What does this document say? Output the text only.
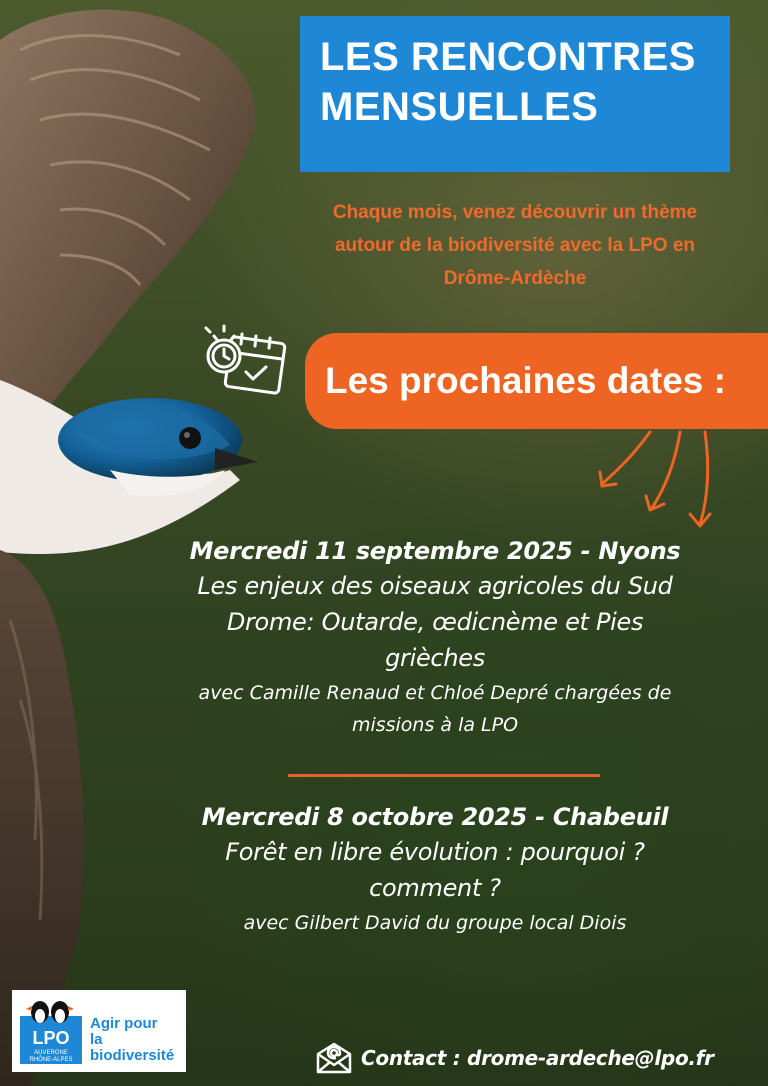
LES RENCONTRES
MENSUELLES
Chaque mois, venez découvrir un thème
autour de la biodiversité avec la LPO en
Drôme-Ardèche
Les prochaines dates :
Mercredi 11 septembre 2025 - Nyons
Les enjeux des oiseaux agricoles du Sud
Drome: Outarde, œdicnème et Pies
grièches
avec Camille Renaud et Chloé Depré chargées de
missions à la LPO
Mercredi 8 octobre 2025 - Chabeuil
Forêt en libre évolution : pourquoi ?
comment ?
avec Gilbert David du groupe local Diois
LPO
AUVERGNE
RHÔNE-ALPES
Agir pour
la biodiversité	Contact : drome-ardeche@lpo.fr
